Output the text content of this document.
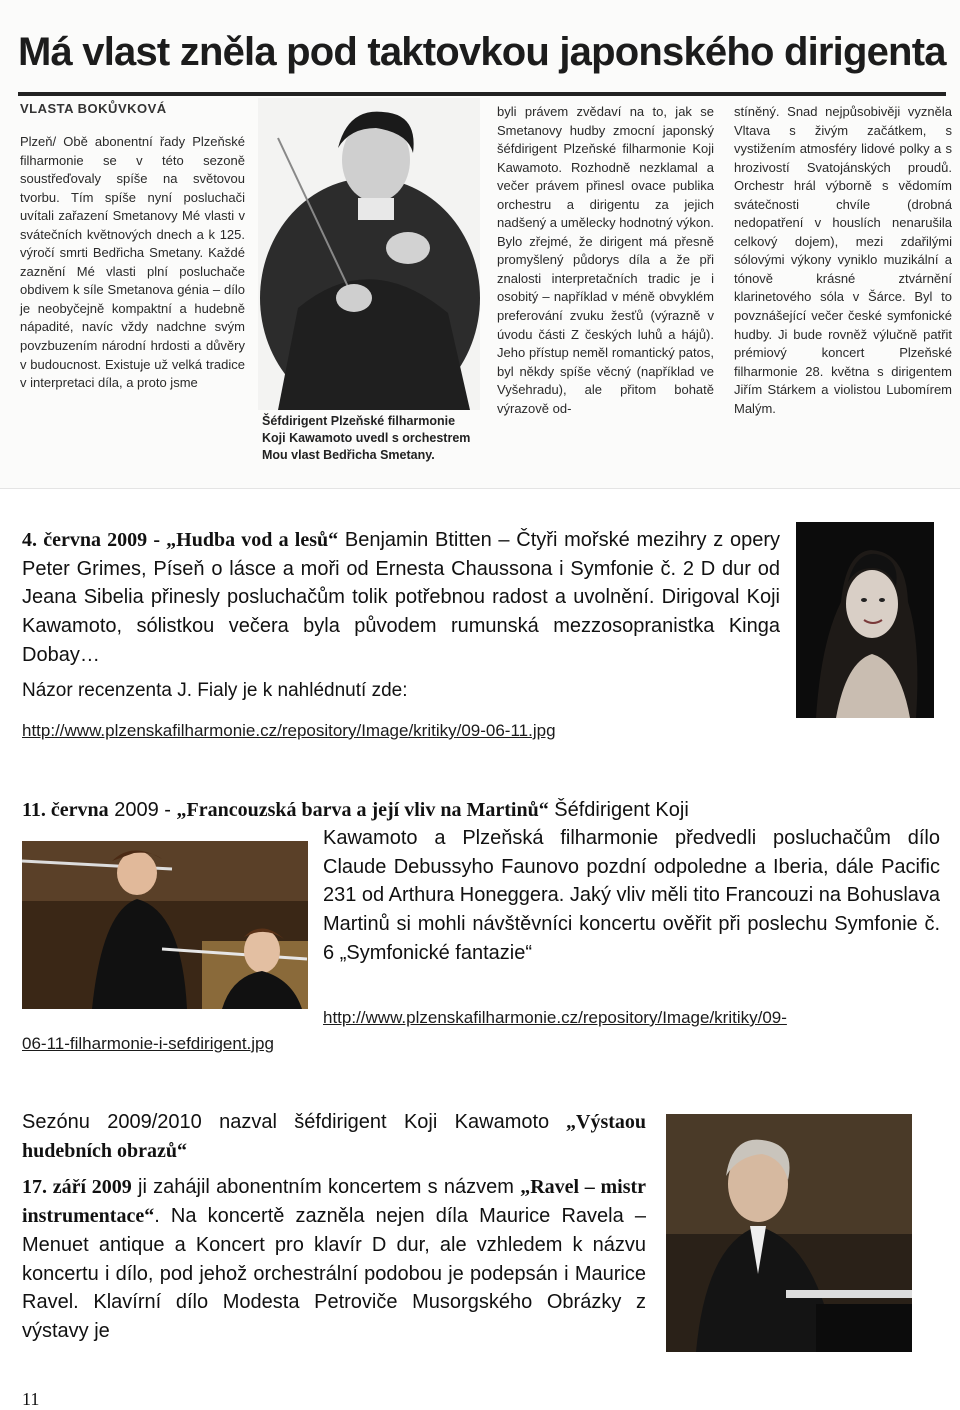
Má vlast zněla pod taktovkou japonského dirigenta
VLASTA BOKŮVKOVÁ
Plzeň/ Obě abonentní řady Plzeňské filharmonie se v této sezoně soustřeďovaly spíše na světovou tvorbu. Tím spíše nyní posluchači uvítali zařazení Smetanovy Mé vlasti v svátečních květnových dnech a k 125. výročí smrti Bedřicha Smetany. Každé zaznění Mé vlasti plní posluchače obdivem k síle Smetanova génia – dílo je neobyčejně kompaktní a hudebně nápadité, navíc vždy nadchne svým povzbuzením národní hrdosti a důvěry v budoucnost. Existuje už velká tradice v interpretaci díla, a proto jsme
Šéfdirigent Plzeňské filharmonie Koji Kawamoto uvedl s orchestrem Mou vlast Bedřicha Smetany.
byli právem zvědaví na to, jak se Smetanovy hudby zmocní japonský šéfdirigent Plzeňské filharmonie Koji Kawamoto. Rozhodně nezklamal a večer právem přinesl ovace publika orchestru a dirigentu za jejich nadšený a umělecky hodnotný výkon. Bylo zřejmé, že dirigent má přesně promyšlený půdorys díla a že při znalosti interpretačních tradic je i osobitý – například v méně obvyklém preferování zvuku žesťů (výrazně v úvodu části Z českých luhů a hájů). Jeho přístup neměl romantický patos, byl někdy spíše věcný (například ve Vyšehradu), ale přitom bohatě výrazově od-
stíněný. Snad nejpůsobivěji vyzněla Vltava s živým začátkem, s vystižením atmosféry lidové polky a s hrozivostí Svatojánských proudů. Orchestr hrál výborně s vědomím svátečnosti chvíle (drobná nedopatření v houslích nenarušila celkový dojem), mezi zdařilými sólovými výkony vyniklo muzikální a tónově krásné ztvárnění klarinetového sóla v Šárce. Byl to povznášející večer české symfonické hudby. Ji bude rovněž výlučně patřit prémiový koncert Plzeňské filharmonie 28. května s dirigentem Jiřím Stárkem a violistou Lubomírem Malým.
4. června 2009 - „Hudba vod a lesů“ Benjamin Btitten – Čtyři mořské mezihry z opery Peter Grimes, Píseň o lásce a moři od Ernesta Chaussona i Symfonie č. 2 D dur od Jeana Sibelia přinesly posluchačům tolik potřebnou radost a uvolnění. Dirigoval Koji Kawamoto, sólistkou večera byla původem rumunská mezzosopranistka Kinga Dobay…
Názor recenzenta J. Fialy je k nahlédnutí zde:
http://www.plzenskafilharmonie.cz/repository/Image/kritiky/09-06-11.jpg
11. června 2009 - „Francouzská barva a její vliv na Martinů“ Šéfdirigent Koji
Kawamoto a Plzeňská filharmonie předvedli posluchačům dílo Claude Debussyho Faunovo pozdní odpoledne a Iberia, dále Pacific 231 od Arthura Honeggera. Jaký vliv měli tito Francouzi na Bohuslava Martinů si mohli návštěvníci koncertu ověřit při poslechu Symfonie č. 6 „Symfonické fantazie“
http://www.plzenskafilharmonie.cz/repository/Image/kritiky/09-
06-11-filharmonie-i-sefdirigent.jpg
Sezónu 2009/2010 nazval šéfdirigent Koji Kawamoto „Výstaou hudebních obrazů“
17. září 2009 ji zahájil abonentním koncertem s názvem „Ravel – mistr instrumentace“. Na koncertě zazněla nejen díla Maurice Ravela – Menuet antique a Koncert pro klavír D dur, ale vzhledem k názvu koncertu i dílo, pod jehož orchestrální podobou je podepsán i Maurice Ravel. Klavírní dílo Modesta Petroviče Musorgského Obrázky z výstavy je
11
